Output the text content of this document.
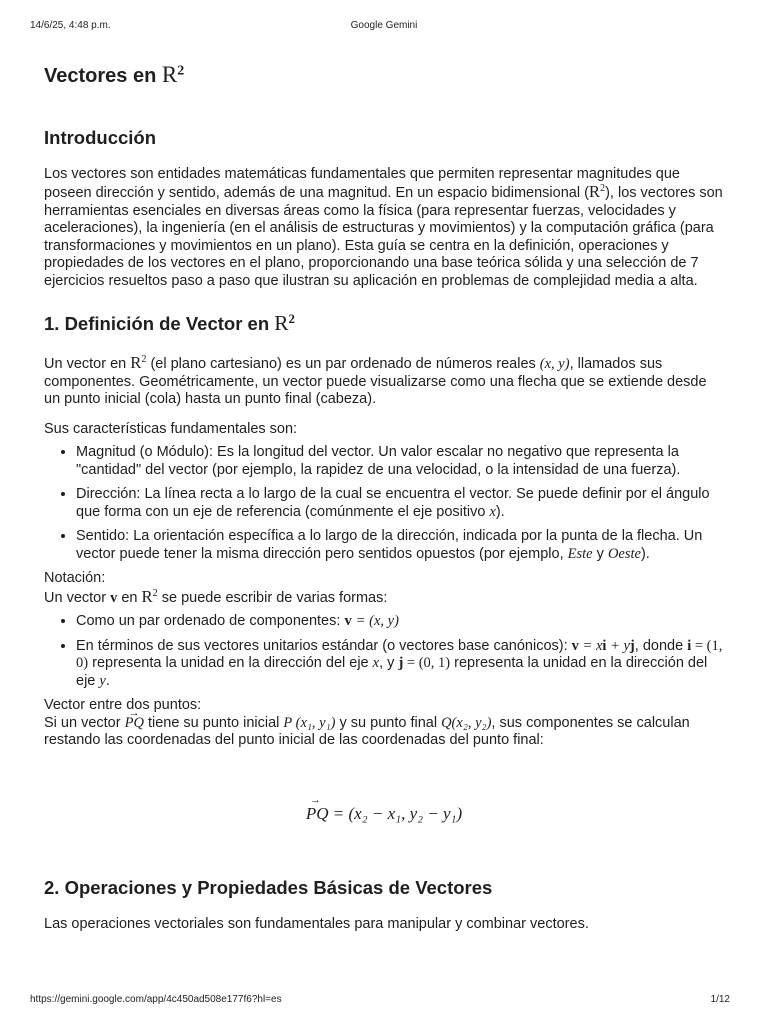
14/6/25, 4:48 p.m.	Google Gemini
Vectores en $R^2$
Introducción

Los vectores son entidades matemáticas fundamentales que permiten representar magnitudes que poseen dirección y sentido, además de una magnitud. En un espacio bidimensional $(R^2)$, los vectores son herramientas esenciales en diversas áreas como la física (para representar fuerzas, velocidades y aceleraciones), la ingeniería (en el análisis de estructuras y movimientos) y la computación gráfica (para transformaciones y movimientos en un plano). Esta guía se centra en la definición, operaciones y propiedades de los vectores en el plano, proporcionando una base teórica sólida y una selección de 7 ejercicios resueltos paso a paso que ilustran su aplicación en problemas de complejidad media a alta.

1. Definición de Vector en $R^2$

Un vector en $R^2$ (el plano cartesiano) es un par ordenado de números reales (x, y), llamados sus componentes. Geométricamente, un vector puede visualizarse como una flecha que se extiende desde un punto inicial (cola) hasta un punto final (cabeza).

Sus características fundamentales son:

• Magnitud (o Módulo): Es la longitud del vector. Un valor escalar no negativo que representa la "cantidad" del vector (por ejemplo, la rapidez de una velocidad, o la intensidad de una fuerza).
• Dirección: La línea recta a lo largo de la cual se encuentra el vector. Se puede definir por el ángulo que forma con un eje de referencia (comúnmente el eje positivo x).
• Sentido: La orientación específica a lo largo de la dirección, indicada por la punta de la flecha. Un vector puede tener la misma dirección pero sentidos opuestos (por ejemplo, Este y Oeste).

Notación:

Un vector v en $R^2$ se puede escribir de varias formas:

• Como un par ordenado de componentes: v = (x, y)
• En términos de sus vectores unitarios estándar (o vectores base canónicos): v = xi + yj, donde i = (1, 0) representa la unidad en la dirección del eje x, y j = (0, 1) representa la unidad en la dirección del eje y.

Vector entre dos puntos:

Si un vector → PQ tiene su punto inicial P (x₁, y₁) y su punto final Q(x₂, y₂), sus componentes se calculan restando las coordenadas del punto inicial de las coordenadas del punto final:

→ PQ = (x₂ − x₁, y₂ − y₁)
2. Operaciones y Propiedades Básicas de Vectores

Las operaciones vectoriales son fundamentales para manipular y combinar vectores.

https://gemini.google.com/app/4c450ad508e177f6?hl=es	1/12
